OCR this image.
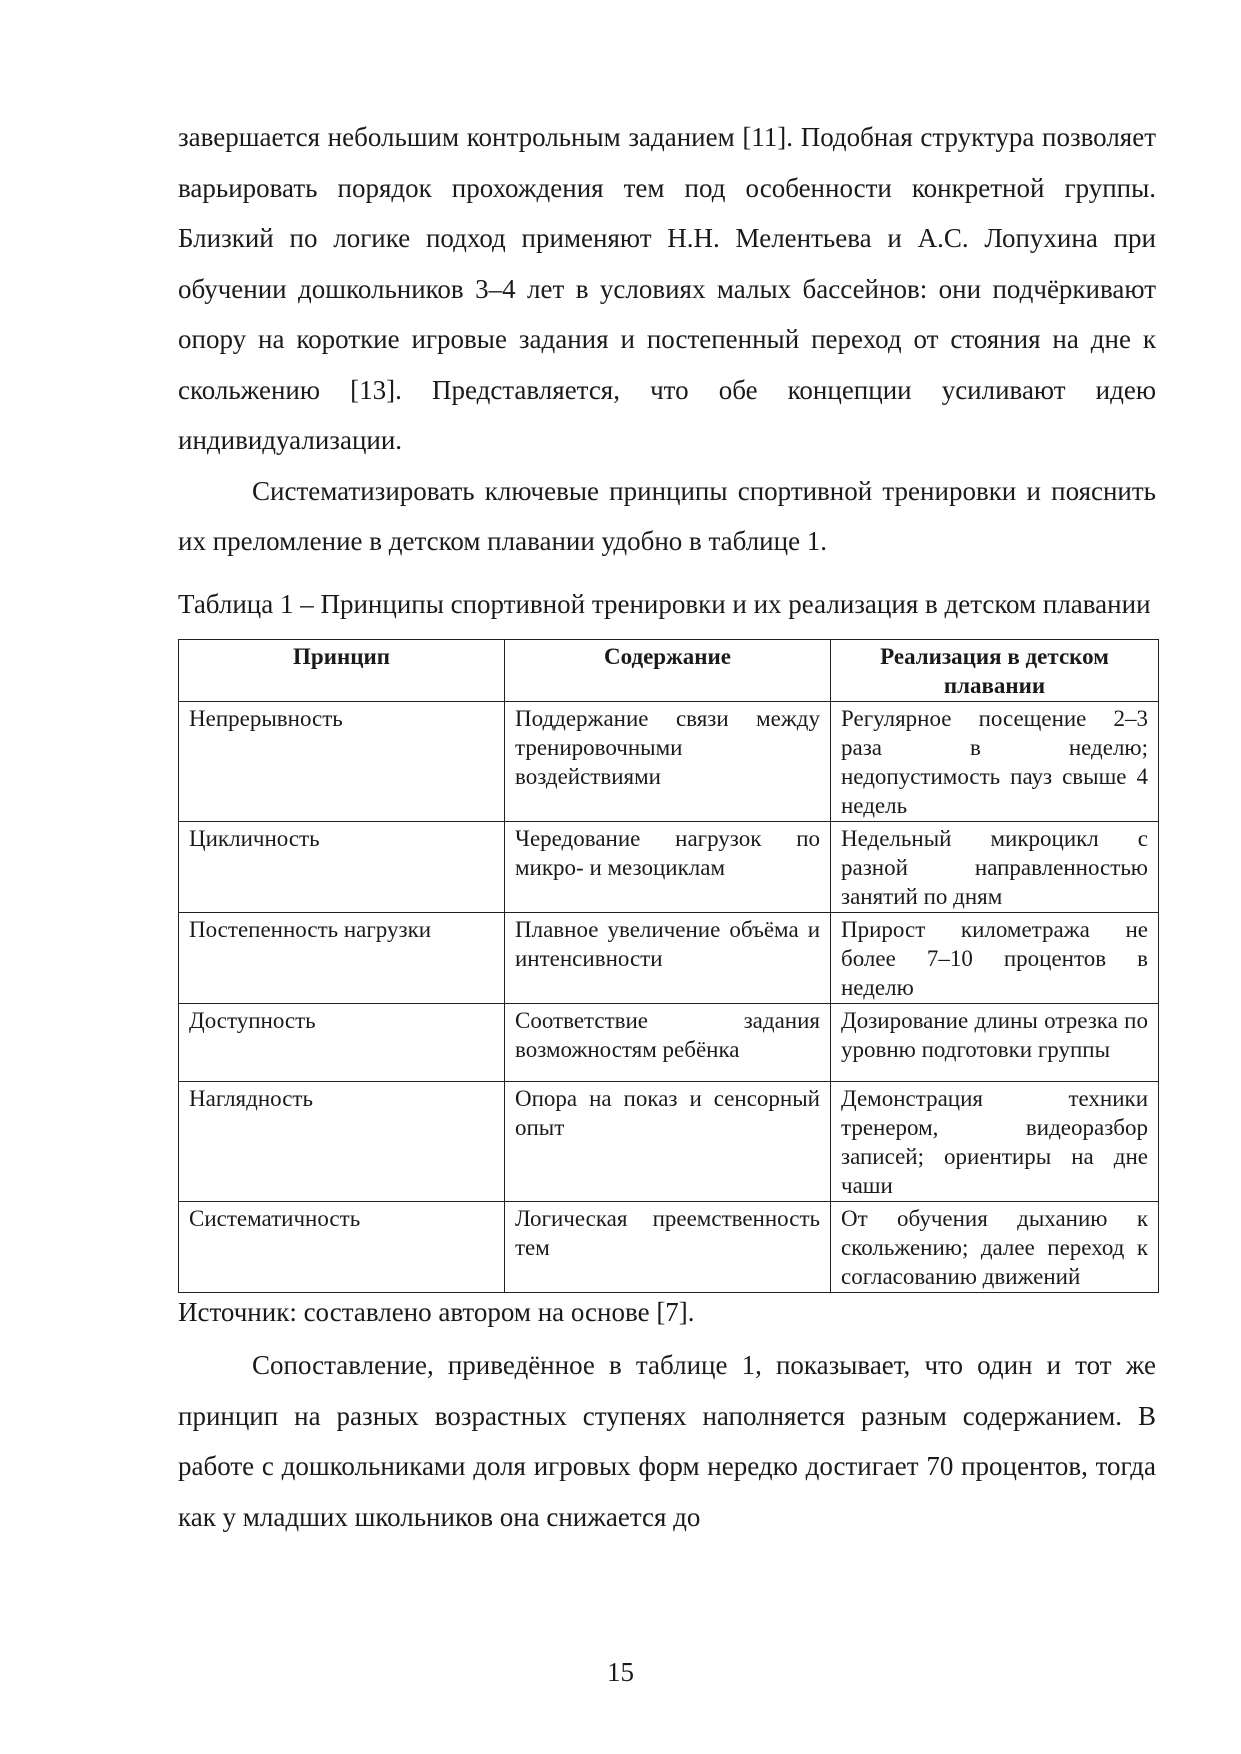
завершается небольшим контрольным заданием [11]. Подобная структура позволяет варьировать порядок прохождения тем под особенности конкретной группы. Близкий по логике подход применяют Н.Н. Мелентьева и А.С. Лопухина при обучении дошкольников 3–4 лет в условиях малых бассейнов: они подчёркивают опору на короткие игровые задания и постепенный переход от стояния на дне к скольжению [13]. Представляется, что обе концепции усиливают идею индивидуализации.

Систематизировать ключевые принципы спортивной тренировки и пояснить их преломление в детском плавании удобно в таблице 1.

Таблица 1 – Принципы спортивной тренировки и их реализация в детском плавании

Принцип	Содержание	Реализация в детском плавании
Непрерывность	Поддержание связи между тренировочными воздействиями	Регулярное посещение 2–3 раза в неделю; недопустимость пауз свыше 4 недель
Цикличность	Чередование нагрузок по микро- и мезоциклам	Недельный микроцикл с разной направленностью занятий по дням
Постепенность нагрузки	Плавное увеличение объёма и интенсивности	Прирост километража не более 7–10 процентов в неделю
Доступность	Соответствие задания возможностям ребёнка	Дозирование длины отрезка по уровню подготовки группы
Наглядность	Опора на показ и сенсорный опыт	Демонстрация техники тренером, видеоразбор записей; ориентиры на дне чаши
Систематичность	Логическая преемственность тем	От обучения дыханию к скольжению; далее переход к согласованию движений

Источник: составлено автором на основе [7].

Сопоставление, приведённое в таблице 1, показывает, что один и тот же принцип на разных возрастных ступенях наполняется разным содержанием. В работе с дошкольниками доля игровых форм нередко достигает 70 процентов, тогда как у младших школьников она снижается до

15
